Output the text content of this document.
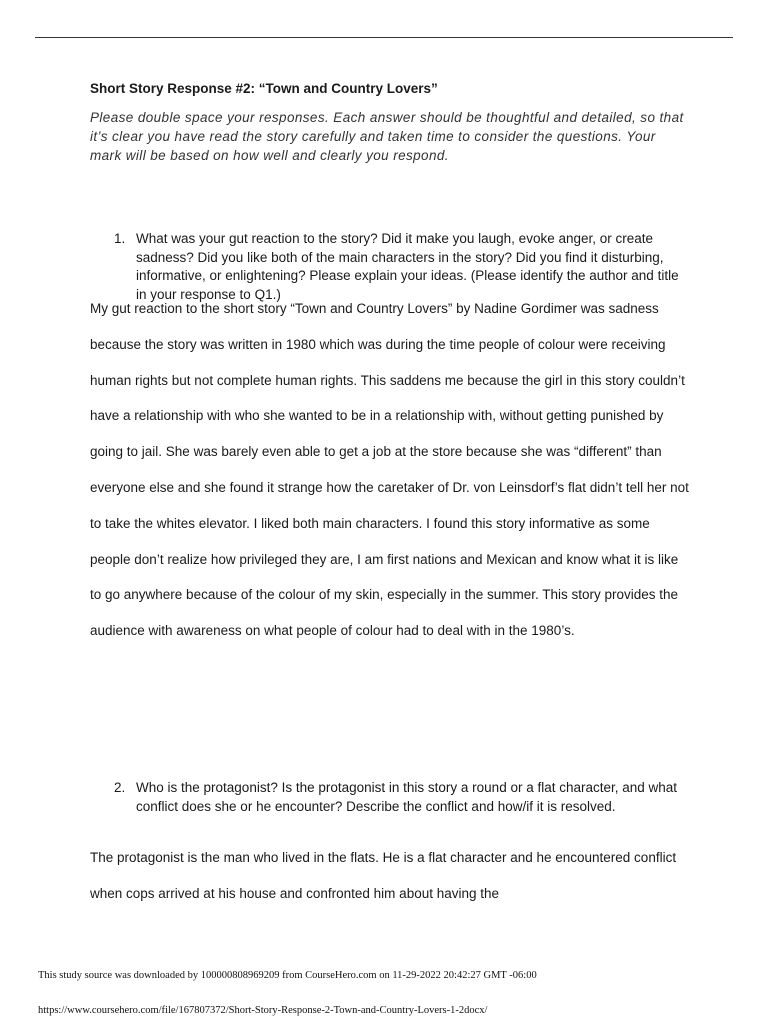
Short Story Response #2: “Town and Country Lovers”

Please double space your responses. Each answer should be thoughtful and detailed, so that it’s clear you have read the story carefully and taken time to consider the questions. Your mark will be based on how well and clearly you respond.

1. What was your gut reaction to the story? Did it make you laugh, evoke anger, or create sadness? Did you like both of the main characters in the story? Did you find it disturbing, informative, or enlightening? Please explain your ideas. (Please identify the author and title in your response to Q1.)

My gut reaction to the short story “Town and Country Lovers” by Nadine Gordimer was sadness because the story was written in 1980 which was during the time people of colour were receiving human rights but not complete human rights. This saddens me because the girl in this story couldn’t have a relationship with who she wanted to be in a relationship with, without getting punished by going to jail. She was barely even able to get a job at the store because she was “different” than everyone else and she found it strange how the caretaker of Dr. von Leinsdorf’s flat didn’t tell her not to take the whites elevator. I liked both main characters. I found this story informative as some people don’t realize how privileged they are, I am first nations and Mexican and know what it is like to go anywhere because of the colour of my skin, especially in the summer. This story provides the audience with awareness on what people of colour had to deal with in the 1980’s.

2. Who is the protagonist? Is the protagonist in this story a round or a flat character, and what conflict does she or he encounter? Describe the conflict and how/if it is resolved.

The protagonist is the man who lived in the flats. He is a flat character and he encountered conflict when cops arrived at his house and confronted him about having the

This study source was downloaded by 100000808969209 from CourseHero.com on 11-29-2022 20:42:27 GMT -06:00
https://www.coursehero.com/file/167807372/Short-Story-Response-2-Town-and-Country-Lovers-1-2docx/
